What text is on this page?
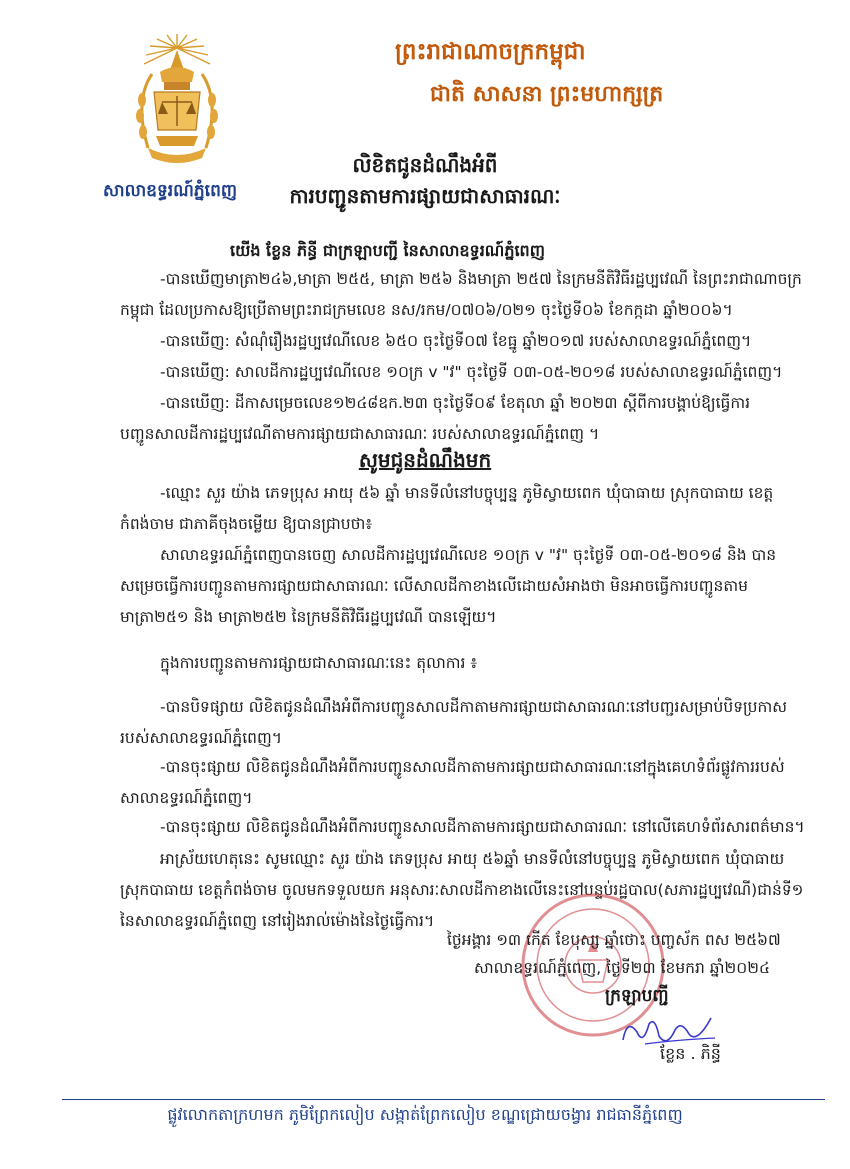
សាលាឧទ្ធរណ៍ភ្នំពេញ
ព្រះរាជាណាចក្រកម្ពុជា
ជាតិ សាសនា ព្រះមហាក្សត្រ
លិខិតជូនដំណឹងអំពី
ការបញ្ជូនតាមការផ្សាយជាសាធារណៈ
យើង ខ្លែន ភិន្ធី ជាក្រឡាបញ្ជី នៃសាលាឧទ្ធរណ៍ភ្នំពេញ
-បានឃើញមាត្រា២៤៦,មាត្រា ២៥៥, មាត្រា ២៥៦ និងមាត្រា ២៥៧ នៃក្រមនីតិវិធីរដ្ឋប្បវេណី នៃព្រះរាជាណាចក្រកម្ពុជា ដែលប្រកាសឱ្យប្រើតាមព្រះរាជក្រមលេខ នស/រកម/០៧០៦/០២១ ចុះថ្ងៃទី០៦ ខែកក្កដា ឆ្នាំ២០០៦។
-បានឃើញ: សំណុំរឿងរដ្ឋប្បវេណីលេខ ៦៥០ ចុះថ្ងៃទី០៧ ខែធ្នូ ឆ្នាំ២០១៧ របស់សាលាឧទ្ធរណ៍ភ្នំពេញ។
-បានឃើញ: សាលដីការដ្ឋប្បវេណីលេខ ១០ក្រ v "វ" ចុះថ្ងៃទី ០៣-០៥-២០១៨ របស់សាលាឧទ្ធរណ៍ភ្នំពេញ។
-បានឃើញ: ដីកាសម្រេចលេខ១២៤៨ឧក.២៣ ចុះថ្ងៃទី០៩ ខែតុលា ឆ្នាំ ២០២៣ ស្តីពីការបង្គាប់ឱ្យធ្វើការបញ្ជូនសាលដីការដ្ឋប្បវេណីតាមការផ្សាយជាសាធារណៈ របស់សាលាឧទ្ធរណ៍ភ្នំពេញ ។
សូមជូនដំណឹងមក
-ឈ្មោះ សួរ យ៉ាង ភេទប្រុស អាយុ ៥៦ ឆ្នាំ មានទីលំនៅបច្ចុប្បន្ន ភូមិស្វាយពេក ឃុំបាធាយ ស្រុកបាធាយ ខេត្តកំពង់ចាម ជាភាគីចុងចម្លើយ ឱ្យបានជ្រាបថា៖
សាលាឧទ្ធរណ៍ភ្នំពេញបានចេញ សាលដីការដ្ឋប្បវេណីលេខ ១០ក្រ v "វ" ចុះថ្ងៃទី ០៣-០៥-២០១៨ និង បានសម្រេចធ្វើការបញ្ជូនតាមការផ្សាយជាសាធារណៈ លើសាលដីកាខាងលើដោយសំអាងថា មិនអាចធ្វើការបញ្ជូនតាមមាត្រា២៥១ និង មាត្រា២៥២ នៃក្រមនីតិវិធីរដ្ឋប្បវេណី បានឡើយ។
ក្នុងការបញ្ជូនតាមការផ្សាយជាសាធារណៈនេះ តុលាការ ៖
-បានបិទផ្សាយ លិខិតជូនដំណឹងអំពីការបញ្ជូនសាលដីកាតាមការផ្សាយជាសាធារណៈនៅបញ្ជរសម្រាប់បិទប្រកាសរបស់សាលាឧទ្ធរណ៍ភ្នំពេញ។
-បានចុះផ្សាយ លិខិតជូនដំណឹងអំពីការបញ្ជូនសាលដីកាតាមការផ្សាយជាសាធារណៈនៅក្នុងគេហទំព័រផ្លូវការរបស់សាលាឧទ្ធរណ៍ភ្នំពេញ។
-បានចុះផ្សាយ លិខិតជូនដំណឹងអំពីការបញ្ជូនសាលដីកាតាមការផ្សាយជាសាធារណៈ នៅលើគេហទំព័រសារពត៌មាន។
អាស្រ័យហេតុនេះ សូមឈ្មោះ សួរ យ៉ាង ភេទប្រុស អាយុ ៥៦ឆ្នាំ មានទីលំនៅបច្ចុប្បន្ន ភូមិស្វាយពេក ឃុំបាធាយ ស្រុកបាធាយ ខេត្តកំពង់ចាម ចូលមកទទួលយក អនុសារៈសាលដីកាខាងលើនេះនៅបន្ទប់រដ្ឋបាល(សភារដ្ឋប្បវេណី)ជាន់ទី១ នៃសាលាឧទ្ធរណ៍ភ្នំពេញ នៅរៀងរាល់ម៉ោងនៃថ្ងៃធ្វើការ។
ថ្ងៃអង្គារ ១៣ កើត ខែបុស្ស ឆ្នាំថោះ បញ្ចស័ក ពស ២៥៦៧
សាលាឧទ្ធរណ៍ភ្នំពេញ, ថ្ងៃទី២៣ ខែមករា ឆ្នាំ២០២៤
ក្រឡាបញ្ជី
ខ្លែន . ភិន្ធី
ផ្លូវលោកតាក្រហមក ភូមិព្រែកលៀប សង្កាត់ព្រែកលៀប ខណ្ឌជ្រោយចង្វារ រាជធានីភ្នំពេញ
